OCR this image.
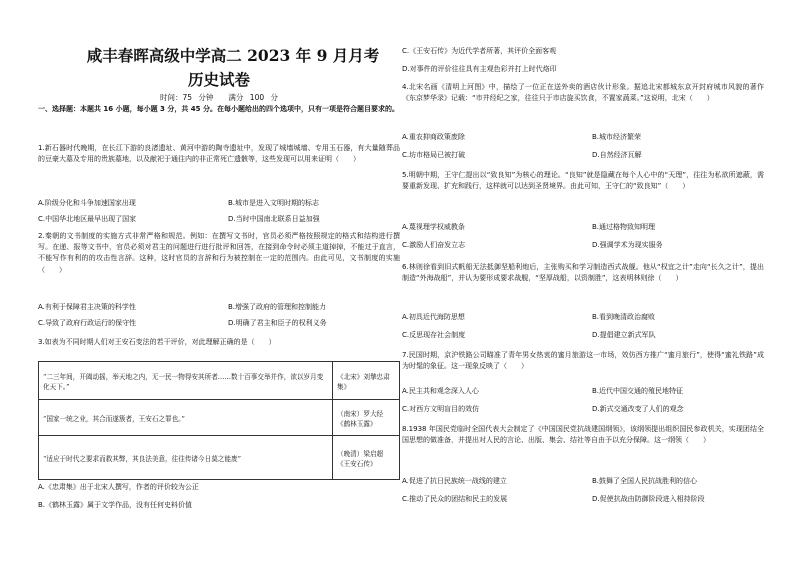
咸丰春晖高级中学高二 2023 年 9 月月考
历史试卷
时间：75 分钟　　满分 100 分

一、选择题：本题共 16 小题，每小题 3 分，共 45 分。在每小题给出的四个选项中，只有一项是符合题目要求的。

1.新石器时代晚期，在长江下游的良渚遗址、黄河中游的陶寺遗址中，发现了城墙城墙、专用玉石器，有大量随葬品的豆豪大墓及专用的贵族墓地，以及献祀于通往内的非正常死亡遗骸等，这些发现可以用来证明（　　）

A.阶级分化和斗争加速国家出现	B.城市是进入文明时期的标志
C.中国华北地区最早出现了国家	D.当时中国南北联系日益加强

2.秦朝的文书制度的实施方式非常严格和规范。例如：在撰写文书时，官员必须严格按照规定的格式和结构进行撰写。在递、报等文书中，官员必须对君主的问题进行进行批评和回答，在接到命令时必须主道掉掉，不能过于直言，不能写作有利的的攻击性言辞。这种，这时官员的言辞和行为被控制在一定的范围内。由此可见，文书制度的实施（　　）

A.有利于保障君主决策的科学性	B.增强了政府的管理和控制能力
C.导致了政府行政运行的保守性	D.明确了君主和臣子的权利义务

3.如表为不同时期人们对王安石变法的若干评价，对此理解正确的是（　　）

“二三年间，开阖动摇，举天地之内，无一民一物得安其所者……数十百事交举并作，欲以岁月变化天下。”	《北宋》刘摯忠肃集》
“国家一统之业，其合而遂簇者，王安石之罪也。”	（南宋）罗大经《鹤林玉露》
“适应于时代之要求而救其弊，其良法美意，往往传诸今日莫之能废”	（晚清）梁启超《王安石传》
A.《忠肃集》出于北宋人撰写，作者的评价较为公正
B.《鹤林玉露》属于文学作品，没有任何史料价值
C.《王安石传》为近代学者所著，其评价全面客观
D.对事件的评价往往具有主观色彩并打上时代烙印

4.北宋名画《清明上河图》中，描绘了一位正在送外卖的酒店伙计形象。据追北宋都城东京开封府城市风貌的著作《东京梦华录》记载：“市井经纪之家，往往只于市店旋买饮食，不置家蔬菜。”这说明，北宋（　　）

A.重农抑商政策废除	B.城市经济繁荣
C.坊市格局已被打破	D.自然经济瓦解

5.明朝中期，王守仁提出以“致良知”为核心的理论。“良知”就是隐藏在每个人心中的“天理”，往往为私欲所遮蔽，需要重新发现、扩充和践行，这样就可以达到圣贤境界。由此可知，王守仁的“致良知”（　　）

A.蔑视理学权威教条	B.通过格物致知明理
C.激励人们奋发立志	D.强调学术为现实服务

6.林则徐看到旧式帆船无法抵御坚船利炮后，主张购买和学习制造西式战舰。他从“权宜之计”走向“长久之计”，提出制造“外海战船”，并认为要形成要求战舰，“坚厚战船，以资制胜”，这表明林则徐（　　）

A.初具近代海防思想	B.看到晚清政治腐败
C.反思现存社会制度	D.提倡建立新式军队

7.民国时期，京沪铁路公司瞄准了青年男女热衷的蜜月旅游这一市场，效仿西方推广“蜜月旅行”，使得“蜜礼铁路”成为时髦的象征。这一现象反映了（　　）

A.民主共和观念深入人心	B.近代中国交通的殖民地特征
C.对西方文明盲目的效仿	D.新式交通改变了人们的观念

8.1938 年国民党临时全国代表大会制定了《中国国民党抗战建国纲领》，该纲领提出组织国民参政机关，实现团结全国思想的做准备，并提出对人民的言论、出版、集会、结社等自由予以充分保障。这一纲领（　　）

A.促进了抗日民族统一战线的建立	B.鼓舞了全国人民抗战胜利的信心
C.推动了民众的团结和民主的发展	D.促使抗战由防御阶段进入相持阶段
